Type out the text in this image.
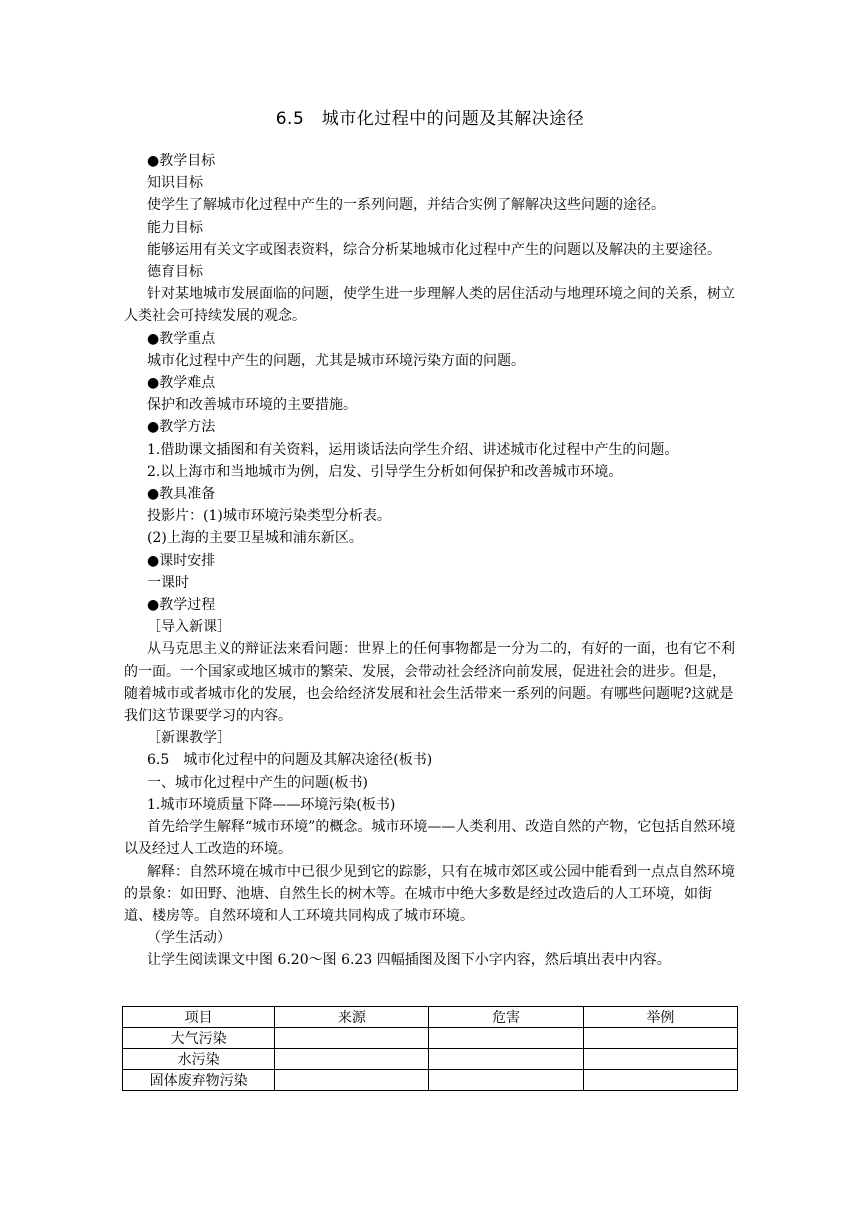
6.5　城市化过程中的问题及其解决途径

●教学目标

知识目标

使学生了解城市化过程中产生的一系列问题，并结合实例了解解决这些问题的途径。

能力目标

能够运用有关文字或图表资料，综合分析某地城市化过程中产生的问题以及解决的主要途径。

德育目标

针对某地城市发展面临的问题，使学生进一步理解人类的居住活动与地理环境之间的关系，树立人类社会可持续发展的观念。

●教学重点

城市化过程中产生的问题，尤其是城市环境污染方面的问题。

●教学难点

保护和改善城市环境的主要措施。

●教学方法

1.借助课文插图和有关资料，运用谈话法向学生介绍、讲述城市化过程中产生的问题。

2.以上海市和当地城市为例，启发、引导学生分析如何保护和改善城市环境。

●教具准备

投影片：(1)城市环境污染类型分析表。

(2)上海的主要卫星城和浦东新区。

●课时安排

一课时

●教学过程

［导入新课］

从马克思主义的辩证法来看问题：世界上的任何事物都是一分为二的，有好的一面，也有它不利的一面。一个国家或地区城市的繁荣、发展，会带动社会经济向前发展，促进社会的进步。但是，随着城市或者城市化的发展，也会给经济发展和社会生活带来一系列的问题。有哪些问题呢?这就是我们这节课要学习的内容。

［新课教学］

6.5　城市化过程中的问题及其解决途径(板书)

一、城市化过程中产生的问题(板书)

1.城市环境质量下降——环境污染(板书)

首先给学生解释“城市环境”的概念。城市环境——人类利用、改造自然的产物，它包括自然环境以及经过人工改造的环境。

解释：自然环境在城市中已很少见到它的踪影，只有在城市郊区或公园中能看到一点点自然环境的景象：如田野、池塘、自然生长的树木等。在城市中绝大多数是经过改造后的人工环境，如街道、楼房等。自然环境和人工环境共同构成了城市环境。

（学生活动）

让学生阅读课文中图 6.20～图 6.23 四幅插图及图下小字内容，然后填出表中内容。

项目	来源	危害	举例
大气污染			
水污染			
固体废弃物污染			
